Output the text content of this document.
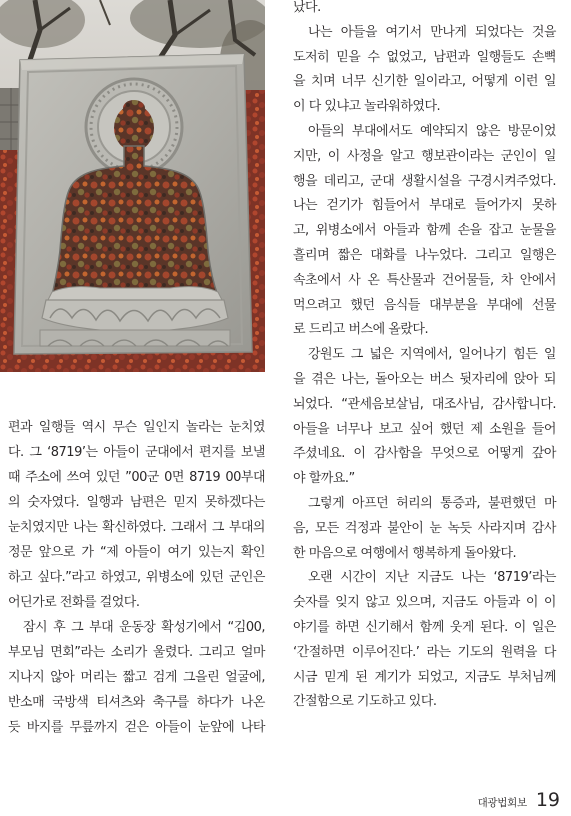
편과 일행들 역시 무슨 일인지 놀라는 눈치였
다. 그 ‘8719’는 아들이 군대에서 편지를 보낼
때 주소에 쓰여 있던 ”00군 0면 8719 00부대
의 숫자였다. 일행과 남편은 믿지 못하겠다는
눈치였지만 나는 확신하였다. 그래서 그 부대의
정문 앞으로 가 “제 아들이 여기 있는지 확인
하고 싶다.”라고 하였고, 위병소에 있던 군인은
어딘가로 전화를 걸었다.
잠시 후 그 부대 운동장 확성기에서 “김00,
부모님 면회”라는 소리가 울렸다. 그리고 얼마
지나지 않아 머리는 짧고 검게 그을린 얼굴에,
반소매 국방색 티셔츠와 축구를 하다가 나온
듯 바지를 무릎까지 걷은 아들이 눈앞에 나타
났다.
나는 아들을 여기서 만나게 되었다는 것을
도저히 믿을 수 없었고, 남편과 일행들도 손뼉
을 치며 너무 신기한 일이라고, 어떻게 이런 일
이 다 있냐고 놀라워하였다.
아들의 부대에서도 예약되지 않은 방문이었
지만, 이 사정을 알고 행보관이라는 군인이 일
행을 데리고, 군대 생활시설을 구경시켜주었다.
나는 걷기가 힘들어서 부대로 들어가지 못하
고, 위병소에서 아들과 함께 손을 잡고 눈물을
흘리며 짧은 대화를 나누었다. 그리고 일행은
속초에서 사 온 특산물과 건어물들, 차 안에서
먹으려고 했던 음식들 대부분을 부대에 선물
로 드리고 버스에 올랐다.
강원도 그 넓은 지역에서, 일어나기 힘든 일
을 겪은 나는, 돌아오는 버스 뒷자리에 앉아 되
뇌었다. “관세음보살님, 대조사님, 감사합니다.
아들을 너무나 보고 싶어 했던 제 소원을 들어
주셨네요. 이 감사함을 무엇으로 어떻게 갚아
야 할까요.”
그렇게 아프던 허리의 통증과, 불편했던 마
음, 모든 걱정과 불안이 눈 녹듯 사라지며 감사
한 마음으로 여행에서 행복하게 돌아왔다.
오랜 시간이 지난 지금도 나는 ‘8719’라는
숫자를 잊지 않고 있으며, 지금도 아들과 이 이
야기를 하면 신기해서 함께 웃게 된다. 이 일은
‘간절하면 이루어진다.’ 라는 기도의 원력을 다
시금 믿게 된 계기가 되었고, 지금도 부처님께
간절함으로 기도하고 있다.
대광법회보 19
